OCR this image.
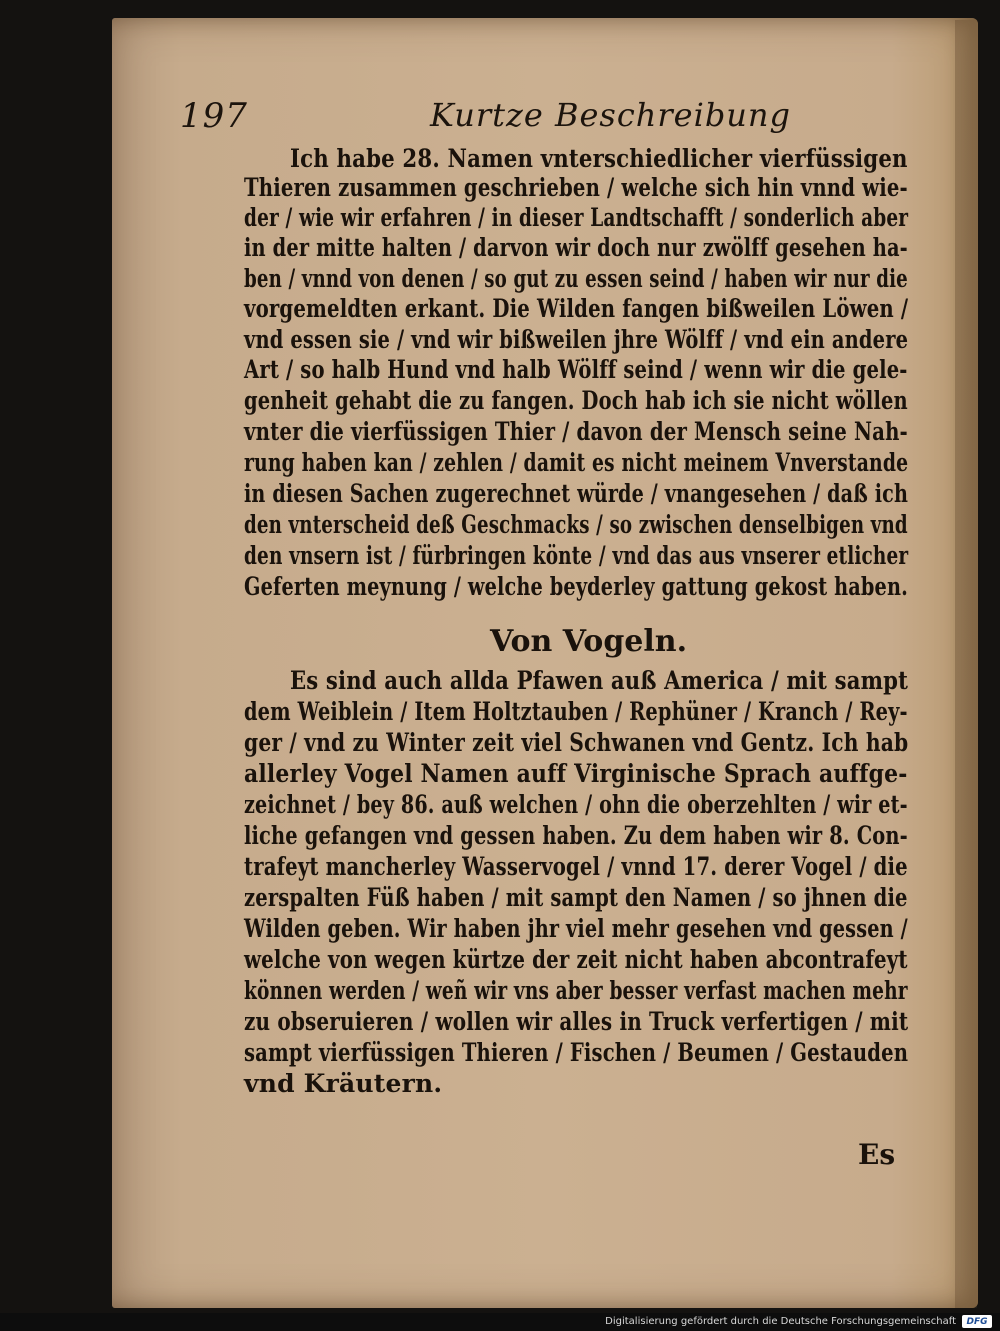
197	Kurtze Beschreibung
Ich habe 28. Namen vnterschiedlicher vierfüssigen
Thieren zusammen geschrieben / welche sich hin vnnd wie-
der / wie wir erfahren / in dieser Landtschafft / sonderlich aber
in der mitte halten / darvon wir doch nur zwölff gesehen ha-
ben / vnnd von denen / so gut zu essen seind / haben wir nur die
vorgemeldten erkant. Die Wilden fangen bißweilen Löwen /
vnd essen sie / vnd wir bißweilen jhre Wölff / vnd ein andere
Art / so halb Hund vnd halb Wölff seind / wenn wir die gele-
genheit gehabt die zu fangen. Doch hab ich sie nicht wöllen
vnter die vierfüssigen Thier / davon der Mensch seine Nah-
rung haben kan / zehlen / damit es nicht meinem Vnverstande
in diesen Sachen zugerechnet würde / vnangesehen / daß ich
den vnterscheid deß Geschmacks / so zwischen denselbigen vnd
den vnsern ist / fürbringen könte / vnd das aus vnserer etlicher
Geferten meynung / welche beyderley gattung gekost haben.
Von Vogeln.
Es sind auch allda Pfawen auß America / mit sampt
dem Weiblein / Item Holtztauben / Rephüner / Kranch / Rey-
ger / vnd zu Winter zeit viel Schwanen vnd Gentz. Ich hab
allerley Vogel Namen auff Virginische Sprach auffge-
zeichnet / bey 86. auß welchen / ohn die oberzehlten / wir et-
liche gefangen vnd gessen haben. Zu dem haben wir 8. Con-
trafeyt mancherley Wasservogel / vnnd 17. derer Vogel / die
zerspalten Füß haben / mit sampt den Namen / so jhnen die
Wilden geben. Wir haben jhr viel mehr gesehen vnd gessen /
welche von wegen kürtze der zeit nicht haben abcontrafeyt
können werden / weñ wir vns aber besser verfast machen mehr
zu obseruieren / wollen wir alles in Truck verfertigen / mit
sampt vierfüssigen Thieren / Fischen / Beumen / Gestauden
vnd Kräutern.
Es
Digitalisierung gefördert durch die Deutsche Forschungsgemeinschaft DFG
